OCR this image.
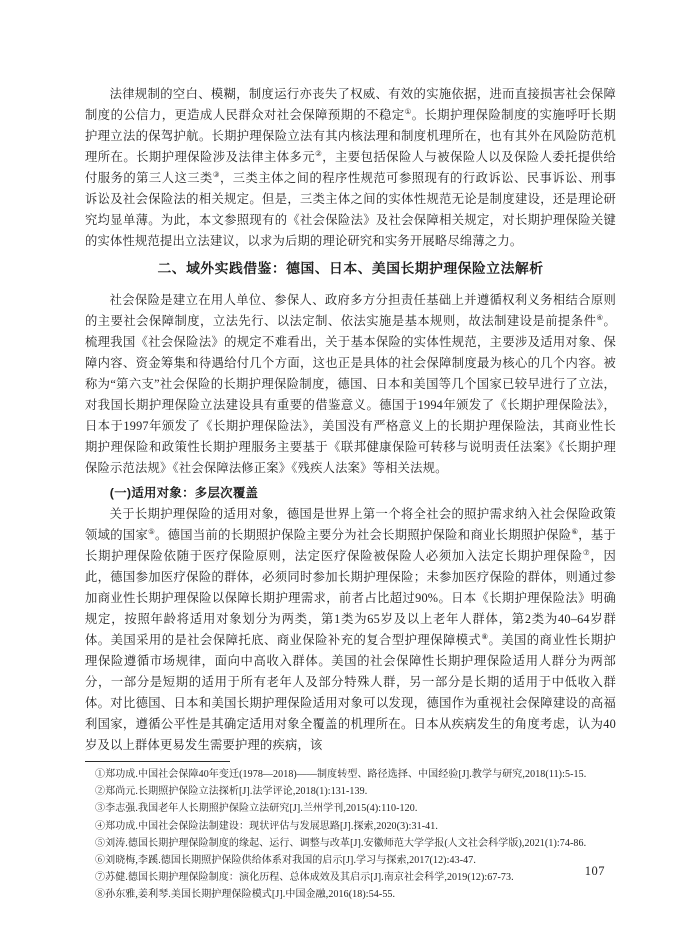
法律规制的空白、模糊，制度运行亦丧失了权威、有效的实施依据，进而直接损害社会保障制度的公信力，更造成人民群众对社会保障预期的不稳定①。长期护理保险制度的实施呼吁长期护理立法的保驾护航。长期护理保险立法有其内核法理和制度机理所在，也有其外在风险防范机理所在。长期护理保险涉及法律主体多元②，主要包括保险人与被保险人以及保险人委托提供给付服务的第三人这三类③，三类主体之间的程序性规范可参照现有的行政诉讼、民事诉讼、刑事诉讼及社会保险法的相关规定。但是，三类主体之间的实体性规范无论是制度建设，还是理论研究均显单薄。为此，本文参照现有的《社会保险法》及社会保障相关规定，对长期护理保险关键的实体性规范提出立法建议，以求为后期的理论研究和实务开展略尽绵薄之力。

二、域外实践借鉴：德国、日本、美国长期护理保险立法解析

社会保险是建立在用人单位、参保人、政府多方分担责任基础上并遵循权利义务相结合原则的主要社会保障制度，立法先行、以法定制、依法实施是基本规则，故法制建设是前提条件④。梳理我国《社会保险法》的规定不难看出，关于基本保险的实体性规范，主要涉及适用对象、保障内容、资金筹集和待遇给付几个方面，这也正是具体的社会保障制度最为核心的几个内容。被称为“第六支”社会保险的长期护理保险制度，德国、日本和美国等几个国家已较早进行了立法，对我国长期护理保险立法建设具有重要的借鉴意义。德国于1994年颁发了《长期护理保险法》，日本于1997年颁发了《长期护理保险法》，美国没有严格意义上的长期护理保险法，其商业性长期护理保险和政策性长期护理服务主要基于《联邦健康保险可转移与说明责任法案》《长期护理保险示范法规》《社会保障法修正案》《残疾人法案》等相关法规。

(一)适用对象：多层次覆盖

关于长期护理保险的适用对象，德国是世界上第一个将全社会的照护需求纳入社会保险政策领域的国家⑤。德国当前的长期照护保险主要分为社会长期照护保险和商业长期照护保险⑥，基于长期护理保险依随于医疗保险原则，法定医疗保险被保险人必须加入法定长期护理保险⑦，因此，德国参加医疗保险的群体，必须同时参加长期护理保险；未参加医疗保险的群体，则通过参加商业性长期护理保险以保障长期护理需求，前者占比超过90%。日本《长期护理保险法》明确规定，按照年龄将适用对象划分为两类，第1类为65岁及以上老年人群体，第2类为40–64岁群体。美国采用的是社会保障托底、商业保险补充的复合型护理保障模式⑧。美国的商业性长期护理保险遵循市场规律，面向中高收入群体。美国的社会保障性长期护理保险适用人群分为两部分，一部分是短期的适用于所有老年人及部分特殊人群，另一部分是长期的适用于中低收入群体。对比德国、日本和美国长期护理保险适用对象可以发现，德国作为重视社会保障建设的高福利国家，遵循公平性是其确定适用对象全覆盖的机理所在。日本从疾病发生的角度考虑，认为40岁及以上群体更易发生需要护理的疾病，该

①郑功成.中国社会保障40年变迁(1978—2018)——制度转型、路径选择、中国经验[J].教学与研究,2018(11):5-15.
②郑尚元.长期照护保险立法探析[J].法学评论,2018(1):131-139.
③李志强.我国老年人长期照护保险立法研究[J].兰州学刊,2015(4):110-120.
④郑功成.中国社会保险法制建设：现状评估与发展思路[J].探索,2020(3):31-41.
⑤刘涛.德国长期护理保险制度的缘起、运行、调整与改革[J].安徽师范大学学报(人文社会科学版),2021(1):74-86.
⑥刘晓梅,李蹊.德国长期照护保险供给体系对我国的启示[J].学习与探索,2017(12):43-47.
⑦苏健.德国长期护理保险制度：演化历程、总体成效及其启示[J].南京社会科学,2019(12):67-73.
⑧孙东雅,姜利琴.美国长期护理保险模式[J].中国金融,2016(18):54-55.
107
